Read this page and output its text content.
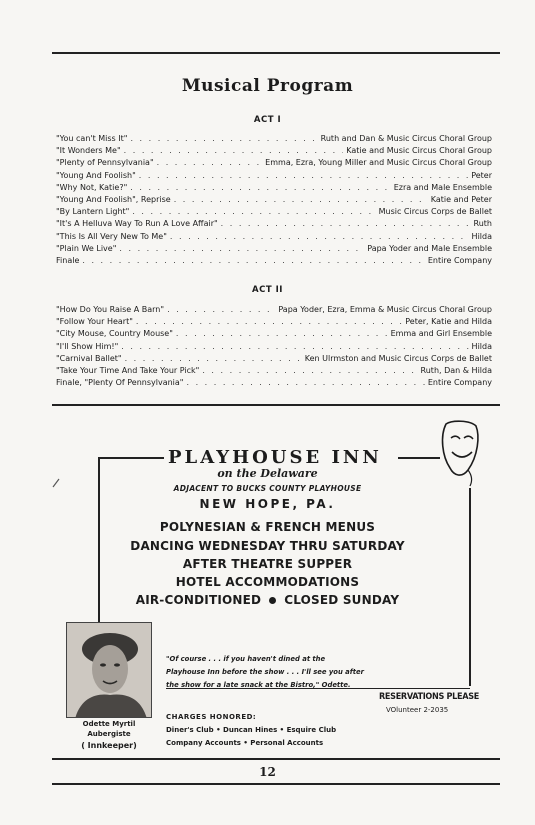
Musical Program
ACT I
"You can't Miss It" . . .	Ruth and Dan & Music Circus Choral Group
"It Wonders Me" . . .	Katie and Music Circus Choral Group
"Plenty of Pennsylvania" . . .	Emma, Ezra, Young Miller and Music Circus Choral Group
"Young And Foolish" . . .	Peter
"Why Not, Katie?" . . .	Ezra and Male Ensemble
"Young And Foolish", Reprise . . .	Katie and Peter
"By Lantern Light" . . .	Music Circus Corps de Ballet
"It's A Helluva Way To Run A Love Affair" . . .	Ruth
"This Is All Very New To Me" . . .	Hilda
"Plain We Live" . . .	Papa Yoder and Male Ensemble
Finale . . .	Entire Company
ACT II
"How Do You Raise A Barn" . . .	Papa Yoder, Ezra, Emma & Music Circus Choral Group
"Follow Your Heart" . . .	Peter, Katie and Hilda
"City Mouse, Country Mouse" . . .	Emma and Girl Ensemble
"I'll Show Him!" . . .	Hilda
"Carnival Ballet" . . .	Ken Ulrmston and Music Circus Corps de Ballet
"Take Your Time And Take Your Pick" . . .	Ruth, Dan & Hilda
Finale, "Plenty Of Pennsylvania" . . .	Entire Company
PLAYHOUSE INN
on the Delaware
ADJACENT TO BUCKS COUNTY PLAYHOUSE
NEW HOPE, PA.
POLYNESIAN & FRENCH MENUS
DANCING WEDNESDAY THRU SATURDAY
AFTER THEATRE SUPPER
HOTEL ACCOMMODATIONS
AIR-CONDITIONED CLOSED SUNDAY
Odette Myrtil
Aubergiste
( Innkeeper)
"Of course . . . if you haven't dined at the Playhouse Inn before the show . . . I'll see you after the show for a late snack at the Bistro," Odette.
RESERVATIONS PLEASE
VOlunteer 2-2035
CHARGES HONORED:
Diner's Club • Duncan Hines • Esquire Club
Company Accounts • Personal Accounts
12
